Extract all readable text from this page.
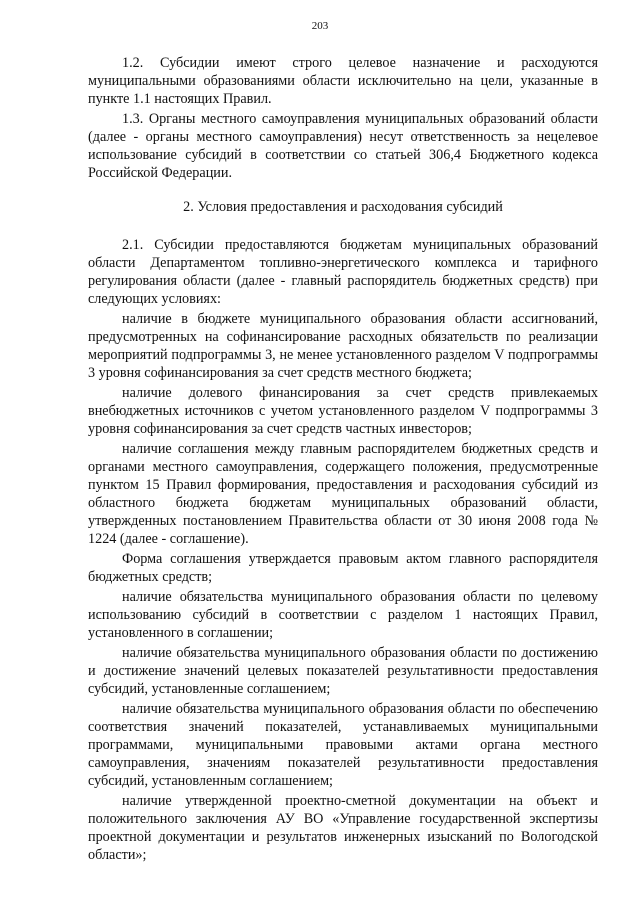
203

1.2. Субсидии имеют строго целевое назначение и расходуются муниципальными образованиями области исключительно на цели, указанные в пункте 1.1 настоящих Правил.

1.3. Органы местного самоуправления муниципальных образований области (далее - органы местного самоуправления) несут ответственность за нецелевое использование субсидий в соответствии со статьей 306,4 Бюджетного кодекса Российской Федерации.

2. Условия предоставления и расходования субсидий

2.1. Субсидии предоставляются бюджетам муниципальных образований области Департаментом топливно-энергетического комплекса и тарифного регулирования области (далее - главный распорядитель бюджетных средств) при следующих условиях:

наличие в бюджете муниципального образования области ассигнований, предусмотренных на софинансирование расходных обязательств по реализации мероприятий подпрограммы 3, не менее установленного разделом V подпрограммы 3 уровня софинансирования за счет средств местного бюджета;

наличие долевого финансирования за счет средств привлекаемых внебюджетных источников с учетом установленного разделом V подпрограммы 3 уровня софинансирования за счет средств частных инвесторов;

наличие соглашения между главным распорядителем бюджетных средств и органами местного самоуправления, содержащего положения, предусмотренные пунктом 15 Правил формирования, предоставления и расходования субсидий из областного бюджета бюджетам муниципальных образований области, утвержденных постановлением Правительства области от 30 июня 2008 года № 1224 (далее - соглашение).

Форма соглашения утверждается правовым актом главного распорядителя бюджетных средств;

наличие обязательства муниципального образования области по целевому использованию субсидий в соответствии с разделом 1 настоящих Правил, установленного в соглашении;

наличие обязательства муниципального образования области по достижению и достижение значений целевых показателей результативности предоставления субсидий, установленные соглашением;

наличие обязательства муниципального образования области по обеспечению соответствия значений показателей, устанавливаемых муниципальными программами, муниципальными правовыми актами органа местного самоуправления, значениям показателей результативности предоставления субсидий, установленным соглашением;

наличие утвержденной проектно-сметной документации на объект и положительного заключения АУ ВО «Управление государственной экспертизы проектной документации и результатов инженерных изысканий по Вологодской области»;
